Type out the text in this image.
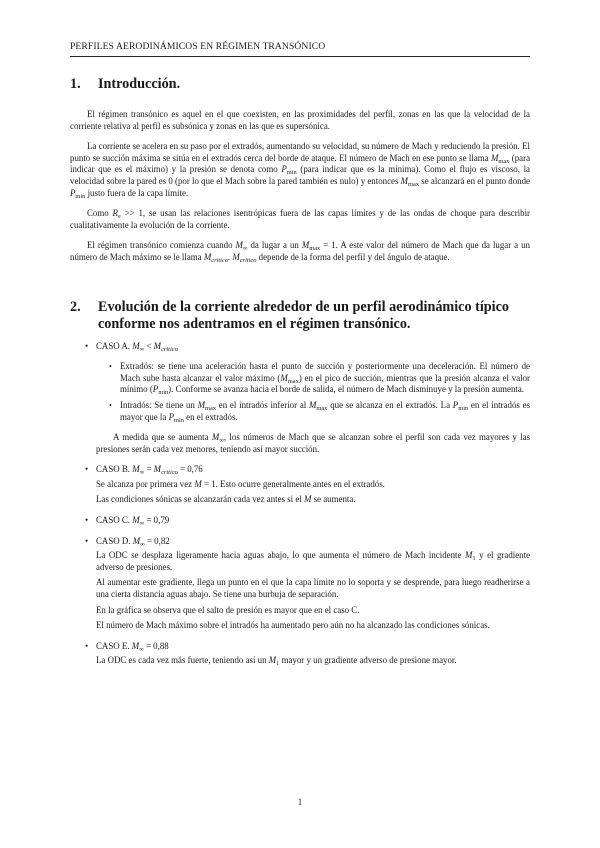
PERFILES AERODINÁMICOS EN RÉGIMEN TRANSÓNICO
1.	Introducción.

El régimen transónico es aquel en el que coexisten, en las proximidades del perfil, zonas en las que la velocidad de la corriente relativa al perfil es subsónica y zonas en las que es supersónica.

La corriente se acelera en su paso por el extradós, aumentando su velocidad, su número de Mach y reduciendo la presión. El punto se succión máxima se sitúa en el extradós cerca del borde de ataque. El número de Mach en ese punto se llama $M_{max}$ (para indicar que es el máximo) y la presión se denota como $P_{min}$ (para indicar que es la mínima). Como el flujo es viscoso, la velocidad sobre la pared es 0 (por lo que el Mach sobre la pared también es nulo) y entonces $M_{max}$ se alcanzará en el punto donde $P_{min}$ justo fuera de la capa límite.

Como $R_e >> 1$, se usan las relaciones isentrópicas fuera de las capas límites y de las ondas de choque para describir cualitativamente la evolución de la corriente.

El régimen transónico comienza cuando $M_\infty$ da lugar a un $M_{max} = 1$. A este valor del número de Mach que da lugar a un número de Mach máximo se le llama $M_{critico}$. $M_{critico}$ depende de la forma del perfil y del ángulo de ataque.

2.	Evolución de la corriente alrededor de un perfil aerodinámico típico conforme nos adentramos en el régimen transónico.
• CASO A. $M_\infty < M_{critico}$
• Extradós: se tiene una aceleración hasta el punto de succión y posteriormente una deceleración. El número de Mach sube hasta alcanzar el valor máximo $(M_{max})$ en el pico de succión, mientras que la presión alcanza el valor mínimo $(P_{min})$. Conforme se avanza hacia el borde de salida, el número de Mach disminuye y la presión aumenta.
• Intradós: Se tiene un $M_{max}$ en el intradós inferior al $M_{max}$ que se alcanza en el extradós. La $P_{min}$ en el intradós es mayor que la $P_{min}$ en el extradós.

A medida que se aumenta $M_\infty$, los números de Mach que se alcanzan sobre el perfil son cada vez mayores y las presiones serán cada vez menores, teniendo así mayor succión.

• CASO B. $M_\infty = M_{critico} = 0,76$

Se alcanza por primera vez M = 1. Esto ocurre generalmente antes en el extradós.

Las condiciones sónicas se alcanzarán cada vez antes si el M se aumenta.

• CASO C. $M_\infty = 0,79$
• CASO D. $M_\infty = 0,82$

La ODC se desplaza ligeramente hacia aguas abajo, lo que aumenta el número de Mach incidente $M_1$ y el gradiente adverso de presiones.

Al aumentar este gradiente, llega un punto en el que la capa límite no lo soporta y se desprende, para luego readherirse a una cierta distancia aguas abajo. Se tiene una burbuja de separación.

En la gráfica se observa que el salto de presión es mayor que en el caso C.

El número de Mach máximo sobre el intradós ha aumentado pero aún no ha alcanzado las condiciones sónicas.

• CASO E. $M_\infty = 0,88$

La ODC es cada vez más fuerte, teniendo así un $M_1$ mayor y un gradiente adverso de presione mayor.

1
